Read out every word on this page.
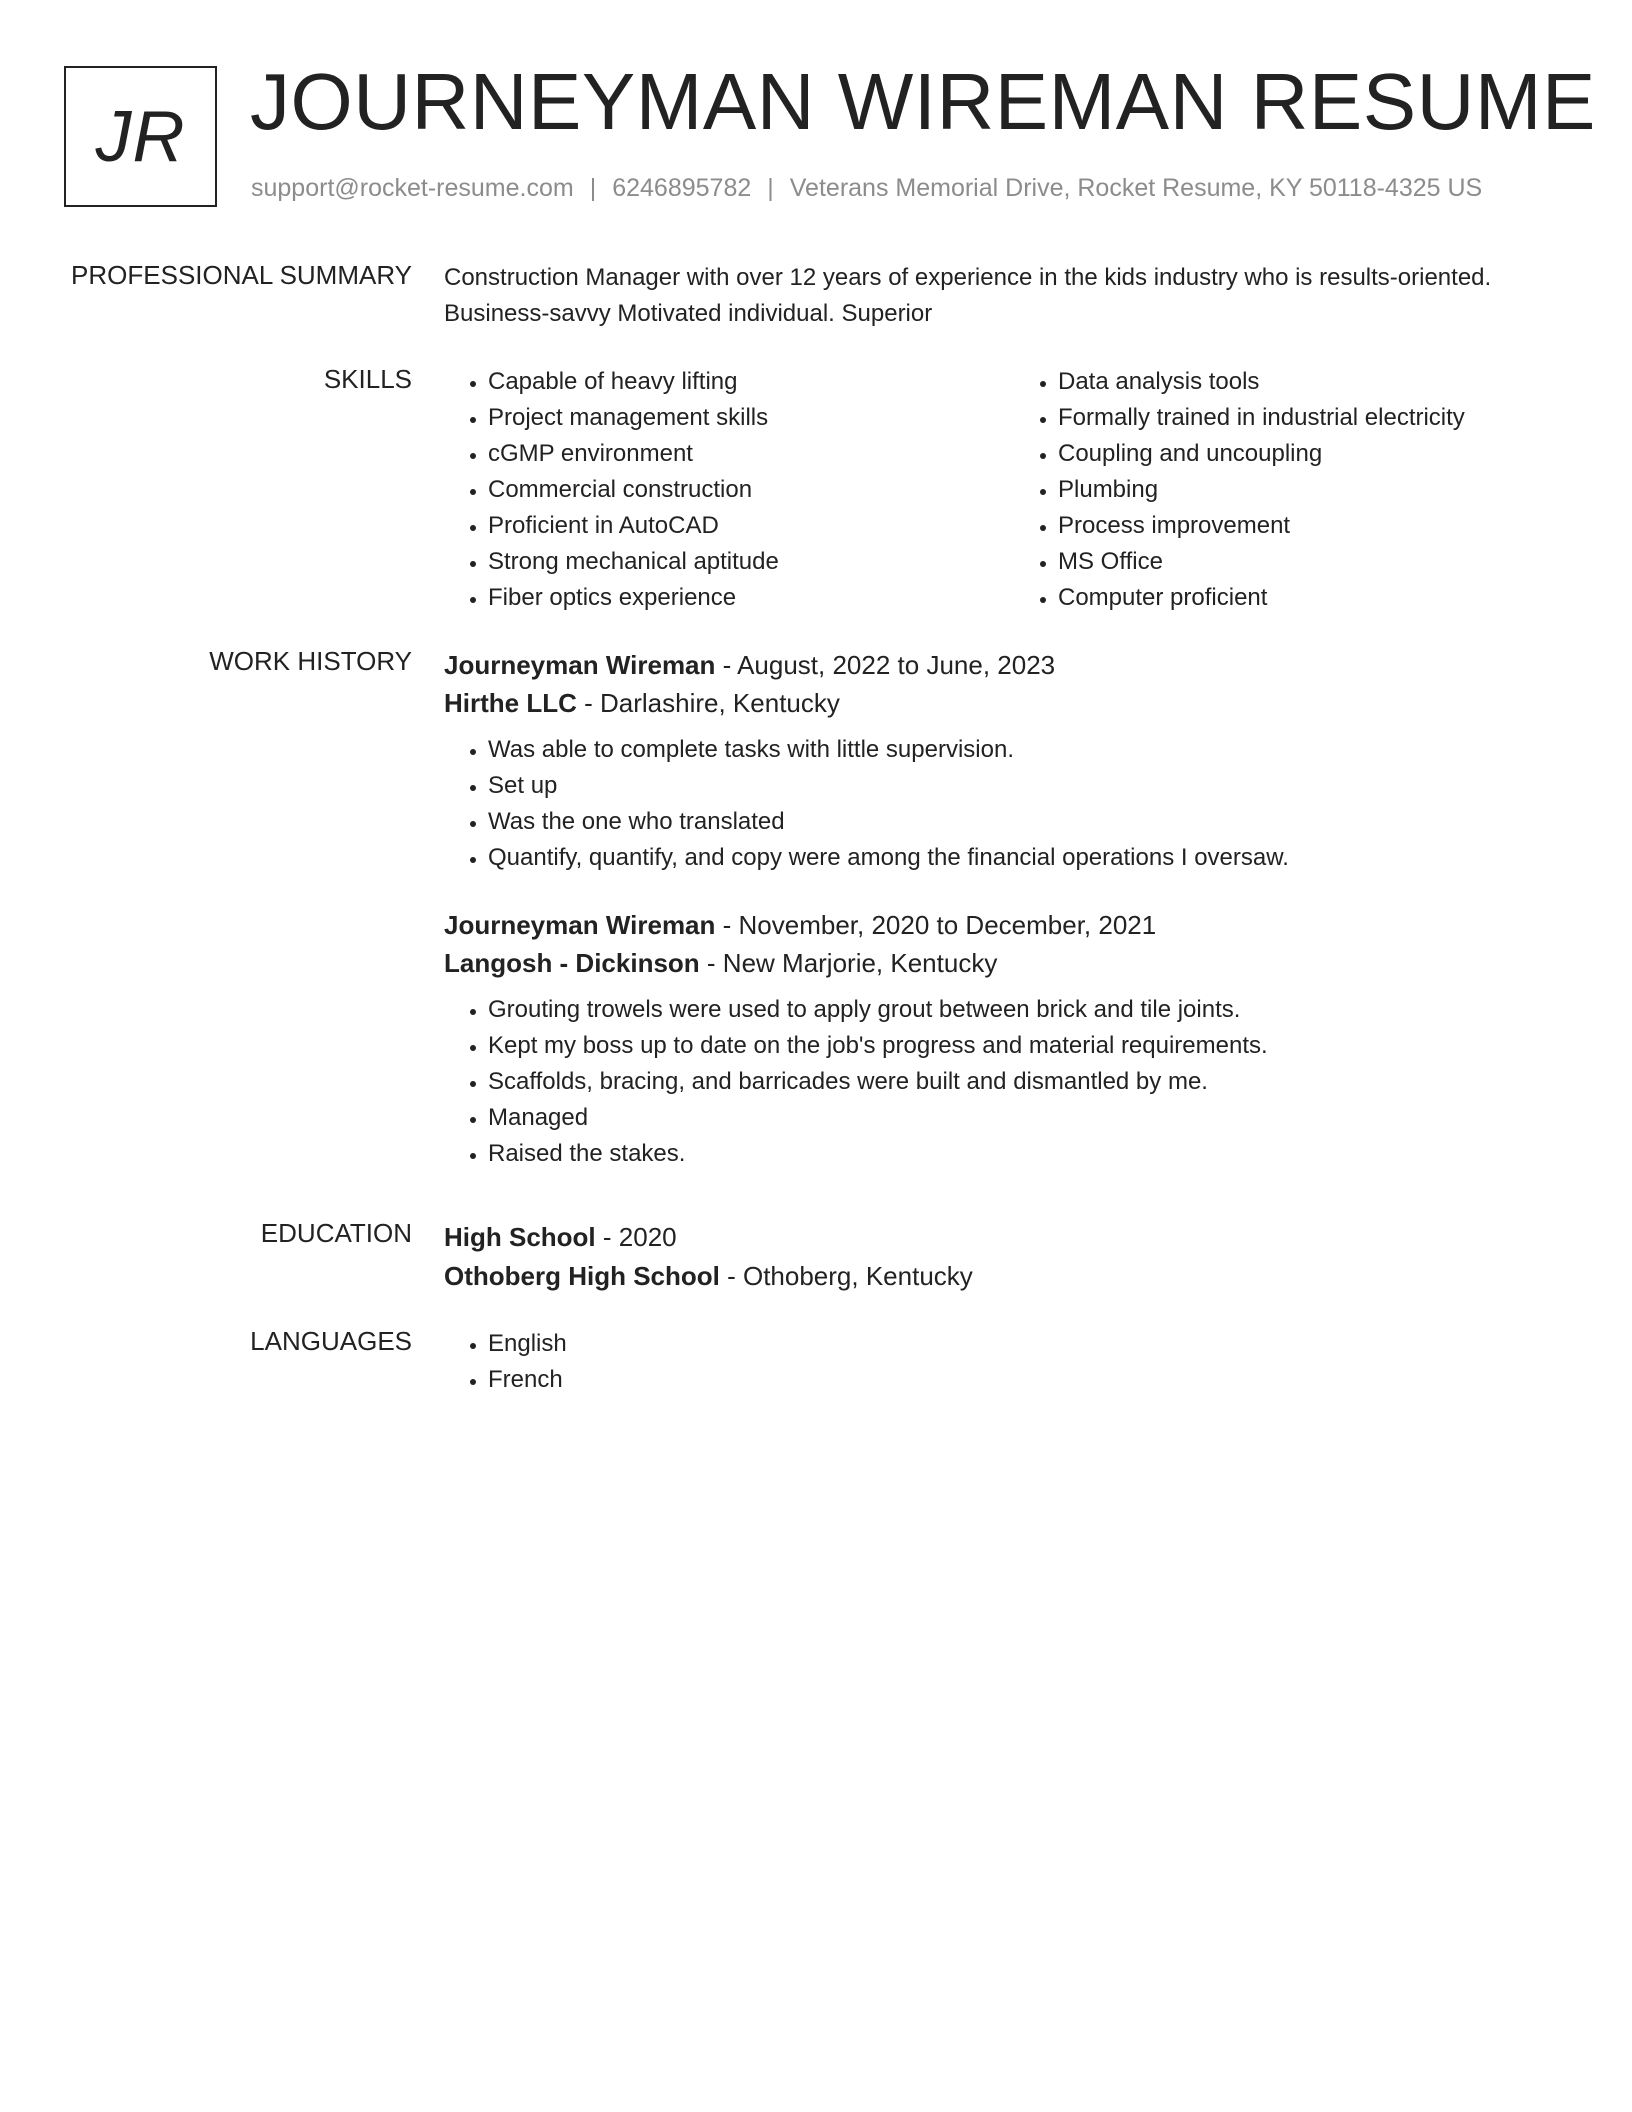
JR JOURNEYMAN WIREMAN RESUME
support@rocket-resume.com | 6246895782 | Veterans Memorial Drive, Rocket Resume, KY 50118-4325 US
PROFESSIONAL SUMMARY Construction Manager with over 12 years of experience in the kids industry who is results-oriented.

Business-savvy Motivated individual. Superior

SKILLS	• Capable of heavy lifting
• Project management skills
• cGMP environment
• Commercial construction
• Proficient in AutoCAD
• Strong mechanical aptitude
• Fiber optics experience
• Data analysis tools
• Formally trained in industrial electricity
• Coupling and uncoupling
• Plumbing
• Process improvement
• MS Office
• Computer proficient
WORK HISTORY Journeyman Wireman - August, 2022 to June, 2023
Hirthe LLC - Darlashire, Kentucky
• Was able to complete tasks with little supervision.
• Set up
• Was the one who translated
• Quantify, quantify, and copy were among the financial operations I oversaw.
Journeyman Wireman - November, 2020 to December, 2021
Langosh - Dickinson - New Marjorie, Kentucky
• Grouting trowels were used to apply grout between brick and tile joints.
• Kept my boss up to date on the job's progress and material requirements.
• Scaffolds, bracing, and barricades were built and dismantled by me.
• Managed
• Raised the stakes.
EDUCATION High School - 2020
Othoberg High School - Othoberg, Kentucky
LANGUAGES	• English
• French
